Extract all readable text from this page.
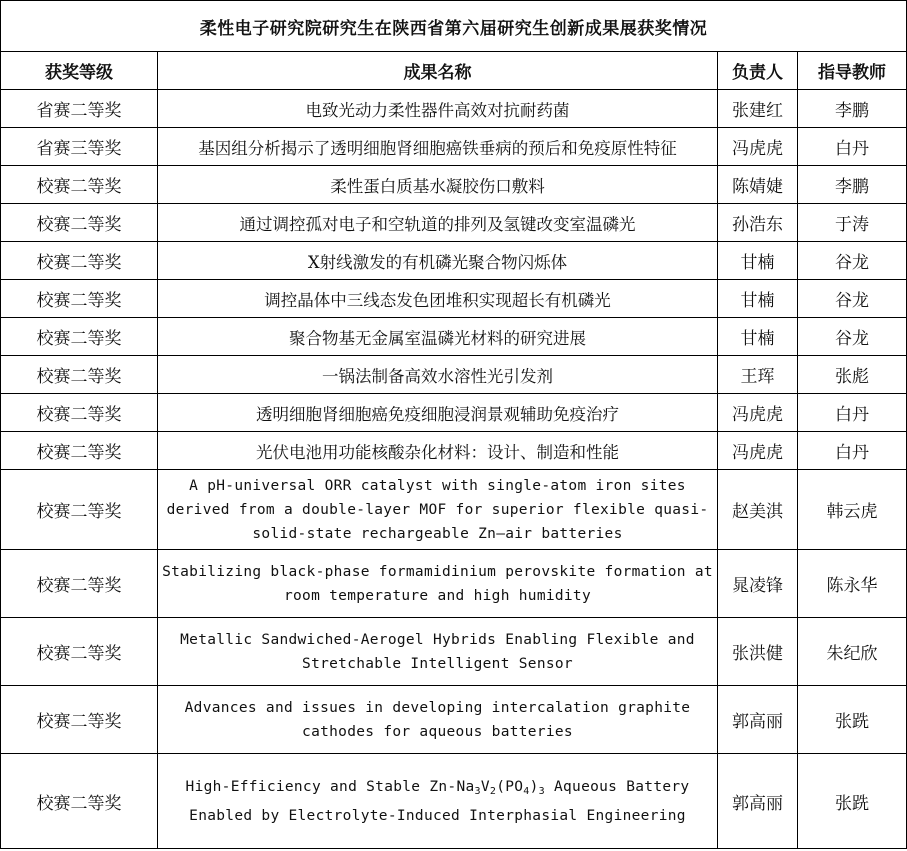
柔性电子研究院研究生在陕西省第六届研究生创新成果展获奖情况			
获奖等级	成果名称	负责人	指导教师
省赛二等奖	电致光动力柔性器件高效对抗耐药菌	张建红	李鹏
省赛三等奖	基因组分析揭示了透明细胞肾细胞癌铁垂病的预后和免疫原性特征	冯虎虎	白丹
校赛二等奖	柔性蛋白质基水凝胶伤口敷料	陈婧婕	李鹏
校赛二等奖	通过调控孤对电子和空轨道的排列及氢键改变室温磷光	孙浩东	于涛
校赛二等奖	X射线激发的有机磷光聚合物闪烁体	甘楠	谷龙
校赛二等奖	调控晶体中三线态发色团堆积实现超长有机磷光	甘楠	谷龙
校赛二等奖	聚合物基无金属室温磷光材料的研究进展	甘楠	谷龙
校赛二等奖	一锅法制备高效水溶性光引发剂	王珲	张彪
校赛二等奖	透明细胞肾细胞癌免疫细胞浸润景观辅助免疫治疗	冯虎虎	白丹
校赛二等奖	光伏电池用功能核酸杂化材料：设计、制造和性能	冯虎虎	白丹
校赛二等奖	A pH-universal ORR catalyst with single-atom iron sites derived from a double-layer MOF for superior flexible quasi-solid-state rechargeable Zn–air batteries	赵美淇	韩云虎
校赛二等奖	Stabilizing black-phase formamidinium perovskite formation at room temperature and high humidity	晁凌锋	陈永华
校赛二等奖	Metallic Sandwiched-Aerogel Hybrids Enabling Flexible and Stretchable Intelligent Sensor	张洪健	朱纪欣
校赛二等奖	Advances and issues in developing intercalation graphite cathodes for aqueous batteries	郭高丽	张跣
校赛二等奖	High-Efficiency and Stable $Zn-Na_3V_2(PO_4)_3$ Aqueous Battery Enabled by Electrolyte-Induced Interphasial Engineering	郭高丽	张跣
